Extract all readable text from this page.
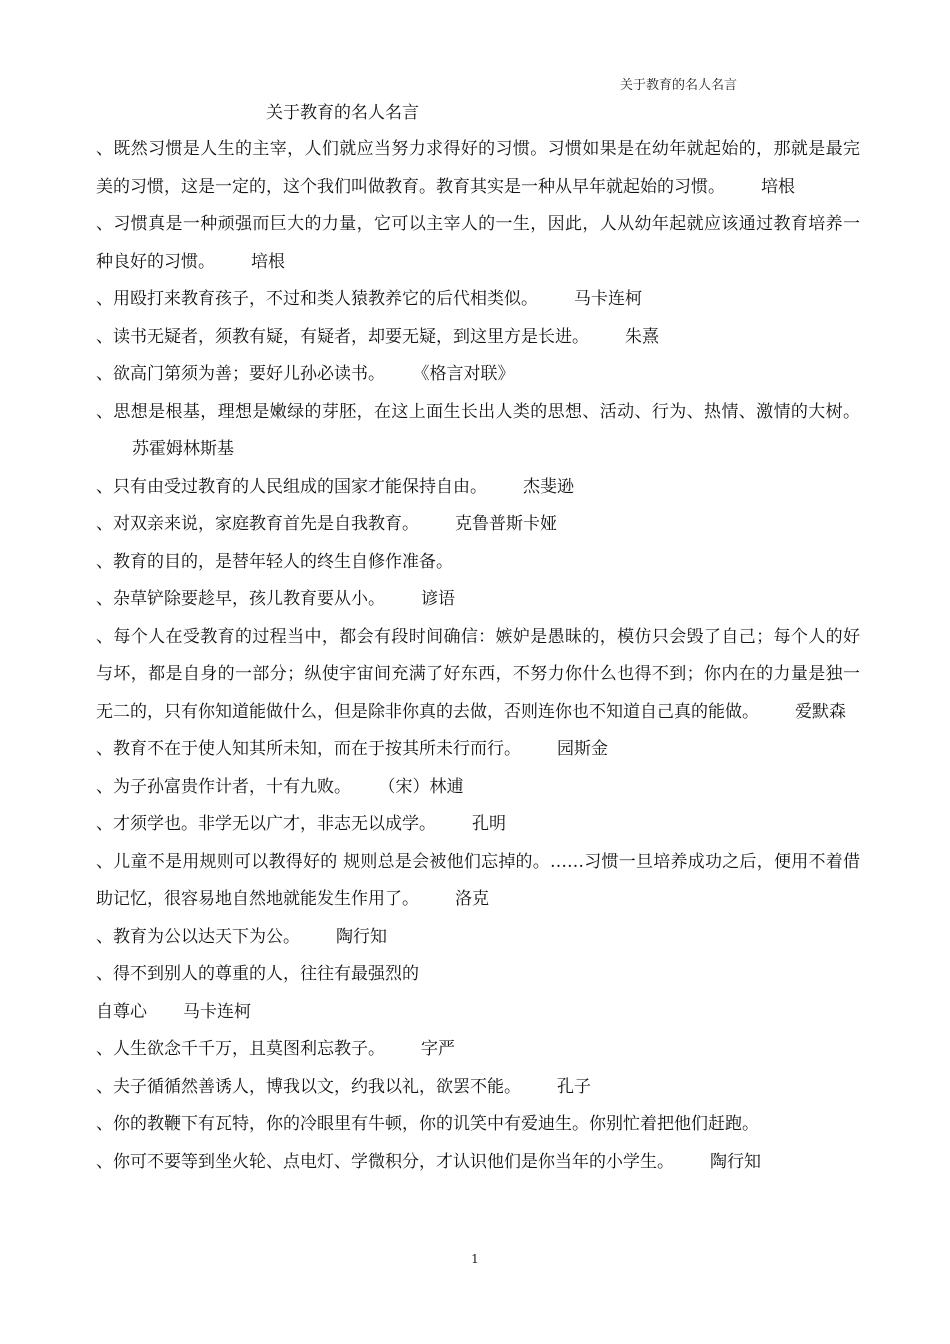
关于教育的名人名言
关于教育的名人名言

、既然习惯是人生的主宰，人们就应当努力求得好的习惯。习惯如果是在幼年就起始的，那就是最完美的习惯，这是一定的，这个我们叫做教育。教育其实是一种从早年就起始的习惯。 培根

、习惯真是一种顽强而巨大的力量，它可以主宰人的一生，因此，人从幼年起就应该通过教育培养一种良好的习惯。 培根

、用殴打来教育孩子，不过和类人猿教养它的后代相类似。 马卡连柯

、读书无疑者，须教有疑，有疑者，却要无疑，到这里方是长进。 朱熹

、欲高门第须为善；要好儿孙必读书。 《格言对联》

、思想是根基，理想是嫩绿的芽胚，在这上面生长出人类的思想、活动、行为、热情、激情的大树。苏霍姆林斯基

、只有由受过教育的人民组成的国家才能保持自由。 杰斐逊

、对双亲来说，家庭教育首先是自我教育。 克鲁普斯卡娅

、教育的目的，是替年轻人的终生自修作准备。

、杂草铲除要趁早，孩儿教育要从小。 谚语

、每个人在受教育的过程当中，都会有段时间确信：嫉妒是愚昧的，模仿只会毁了自己；每个人的好与坏，都是自身的一部分；纵使宇宙间充满了好东西，不努力你什么也得不到；你内在的力量是独一无二的，只有你知道能做什么，但是除非你真的去做，否则连你也不知道自己真的能做。 爱默森

、教育不在于使人知其所未知，而在于按其所未行而行。 园斯金

、为子孙富贵作计者，十有九败。 （宋）林逋

、才须学也。非学无以广才，非志无以成学。 孔明

、儿童不是用规则可以教得好的 规则总是会被他们忘掉的。……习惯一旦培养成功之后，便用不着借助记忆，很容易地自然地就能发生作用了。 洛克

、教育为公以达天下为公。 陶行知

、得不到别人的尊重的人，往往有最强烈的

自尊心 马卡连柯

、人生欲念千千万，且莫图利忘教子。 字严

、夫子循循然善诱人，博我以文，约我以礼，欲罢不能。 孔子

、你的教鞭下有瓦特，你的冷眼里有牛顿，你的讥笑中有爱迪生。你别忙着把他们赶跑。

、你可不要等到坐火轮、点电灯、学微积分，才认识他们是你当年的小学生。 陶行知

1
